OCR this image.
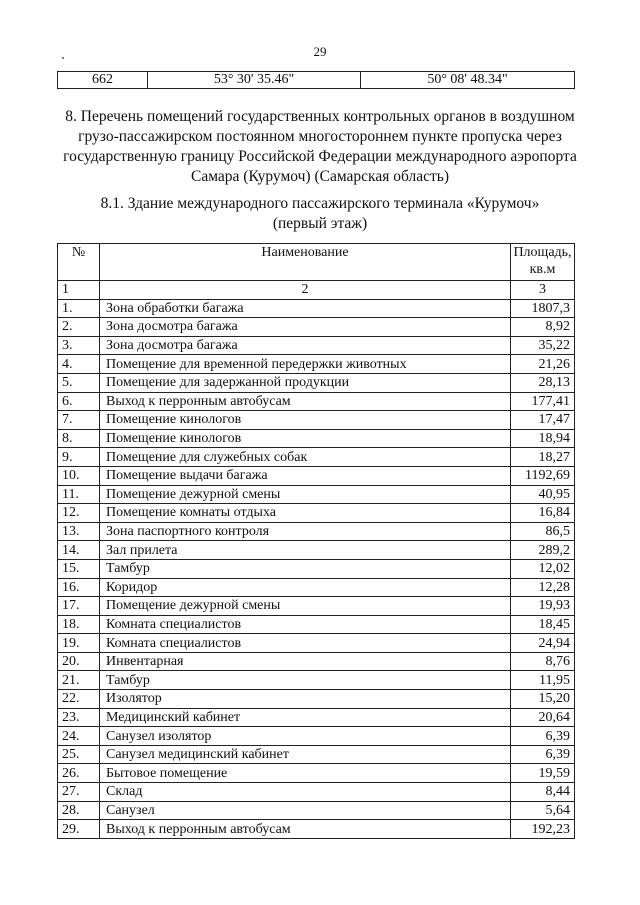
29
662	53° 30' 35.46"	50° 08' 48.34"
8. Перечень помещений государственных контрольных органов в воздушном
грузо-пассажирском постоянном многостороннем пункте пропуска через
государственную границу Российской Федерации международного аэропорта
Самара (Курумоч) (Самарская область)
8.1. Здание международного пассажирского терминала «Курумоч»
(первый этаж)
№	Наименование	Площадь,
кв.м

1	2	3
1.	Зона обработки багажа	1807,3
2.	Зона досмотра багажа	8,92
3.	Зона досмотра багажа	35,22
4.	Помещение для временной передержки животных	21,26
5.	Помещение для задержанной продукции	28,13
6.	Выход к перронным автобусам	177,41
7.	Помещение кинологов	17,47
8.	Помещение кинологов	18,94
9.	Помещение для служебных собак	18,27
10.	Помещение выдачи багажа	1192,69
11.	Помещение дежурной смены	40,95
12.	Помещение комнаты отдыха	16,84
13.	Зона паспортного контроля	86,5
14.	Зал прилета	289,2
15.	Тамбур	12,02
16.	Коридор	12,28
17.	Помещение дежурной смены	19,93
18.	Комната специалистов	18,45
19.	Комната специалистов	24,94
20.	Инвентарная	8,76
21.	Тамбур	11,95
22.	Изолятор	15,20
23.	Медицинский кабинет	20,64
24.	Санузел изолятор	6,39
25.	Санузел медицинский кабинет	6,39
26.	Бытовое помещение	19,59
27.	Склад	8,44
28.	Санузел	5,64
29.	Выход к перронным автобусам	192,23
